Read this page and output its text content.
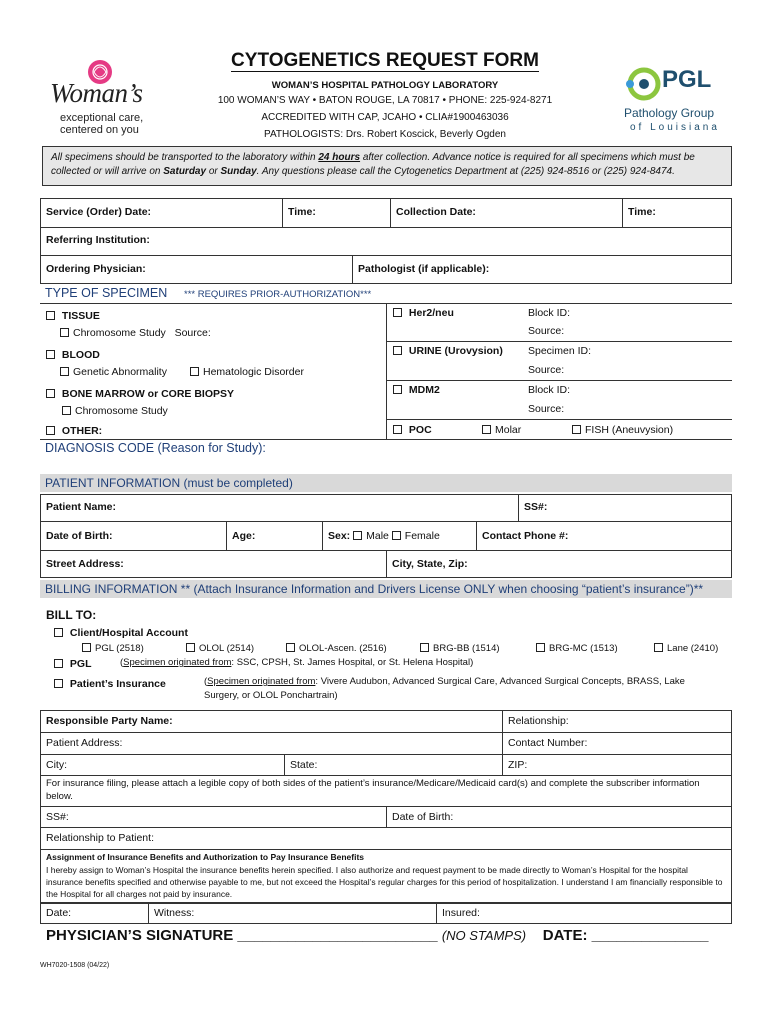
Woman’s
exceptional care,
centered on you
CYTOGENETICS REQUEST FORM
WOMAN’S HOSPITAL PATHOLOGY LABORATORY
100 WOMAN’S WAY • BATON ROUGE, LA 70817 • PHONE: 225-924-8271
ACCREDITED WITH CAP, JCAHO • CLIA#1900463036
PATHOLOGISTS: Drs. Robert Koscick, Beverly Ogden
PGL
Pathology Group
of Louisiana
All specimens should be transported to the laboratory within 24 hours after collection. Advance notice is required for all specimens which must be collected or will arrive on Saturday or Sunday. Any questions please call the Cytogenetics Department at (225) 924-8516 or (225) 924-8474.
Service (Order) Date:	Time:	Collection Date:	Time:
Referring Institution:
Ordering Physician:	Pathologist (if applicable):
TYPE OF SPECIMEN *** REQUIRES PRIOR-AUTHORIZATION***
TISSUE
Chromosome Study Source:
BLOOD
Genetic Abnormality	Hematologic Disorder
BONE MARROW or CORE BIOPSY
Chromosome Study
OTHER:
Her2/neu	Block ID:
Source:
URINE (Urovysion) Specimen ID:
Source:
MDM2	Block ID:
Source:
POC	Molar	FISH (Aneuvysion)
DIAGNOSIS CODE (Reason for Study):
PATIENT INFORMATION (must be completed)
Patient Name:	SS#:
Date of Birth:	Age:	Sex: Male Female	Contact Phone #:
Street Address:	City, State, Zip:
BILLING INFORMATION ** (Attach Insurance Information and Drivers License ONLY when choosing “patient’s insurance”)**
BILL TO:
Client/Hospital Account
PGL (2518)	OLOL (2514)	OLOL-Ascen. (2516)	BRG-BB (1514)	BRG-MC (1513)	Lane (2410)
PGL	(Specimen originated from: SSC, CPSH, St. James Hospital, or St. Helena Hospital)
Patient’s Insurance	(Specimen originated from: Vivere Audubon, Advanced Surgical Care, Advanced Surgical Concepts, BRASS, Lake
Surgery, or OLOL Ponchartrain)
Responsible Party Name:	Relationship:
Patient Address:	Contact Number:
City:	State:	ZIP:
For insurance filing, please attach a legible copy of both sides of the patient’s insurance/Medicare/Medicaid card(s) and complete the subscriber information below.
SS#:	Date of Birth:
Relationship to Patient:
Assignment of Insurance Benefits and Authorization to Pay Insurance Benefits
I hereby assign to Woman’s Hospital the insurance benefits herein specified. I also authorize and request payment to be made directly to Woman’s Hospital for the hospital insurance benefits specified and otherwise payable to me, but not exceed the Hospital’s regular charges for this period of hospitalization. I understand I am financially responsible to the Hospital for all charges not paid by insurance.
Date:	Witness:	Insured:
PHYSICIAN’S SIGNATURE ________________________ (NO STAMPS) DATE: ______________
WH7020-1508 (04/22)
